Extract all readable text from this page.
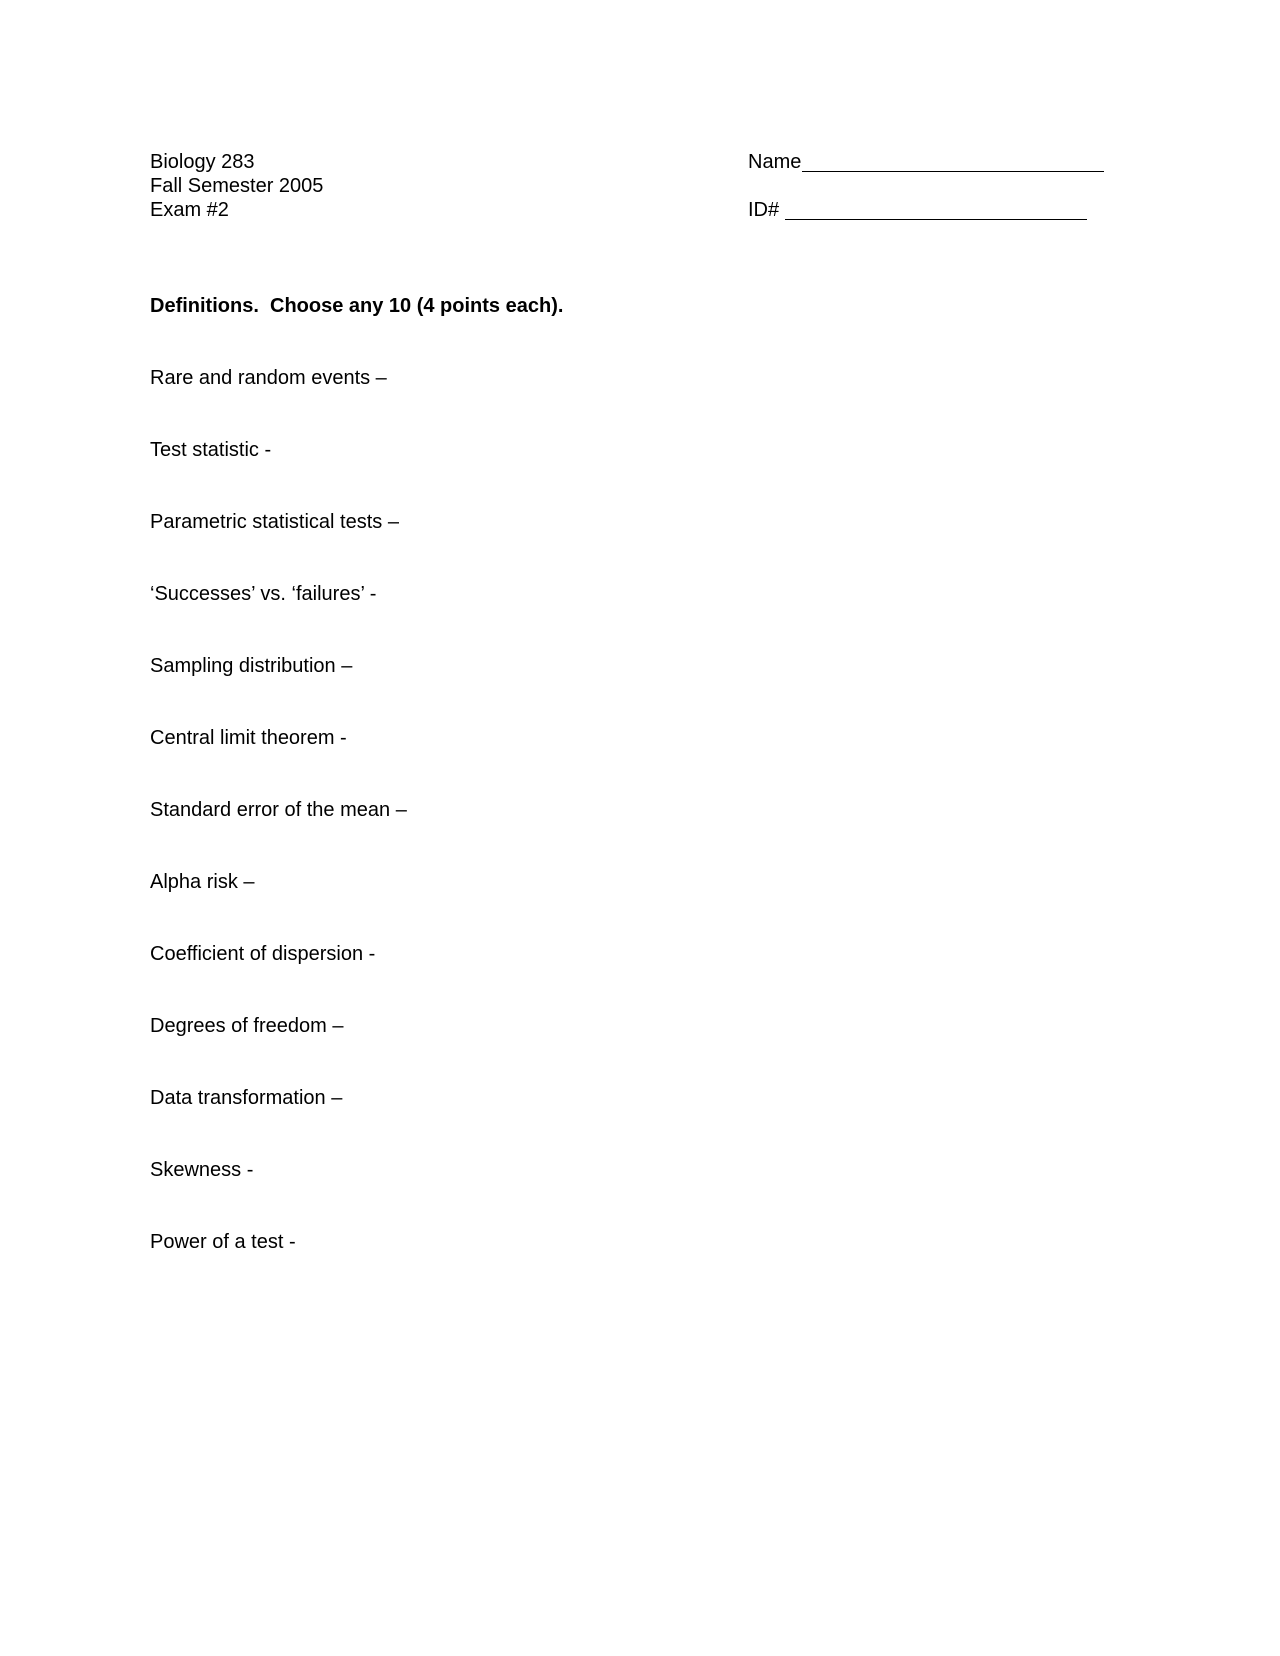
Biology 283
Fall Semester 2005
Exam #2
Name
ID#
Definitions.  Choose any 10 (4 points each).
Rare and random events –
Test statistic -
Parametric statistical tests –
‘Successes’ vs. ‘failures’ -
Sampling distribution –
Central limit theorem -
Standard error of the mean –
Alpha risk –
Coefficient of dispersion -
Degrees of freedom –
Data transformation –
Skewness -
Power of a test -
